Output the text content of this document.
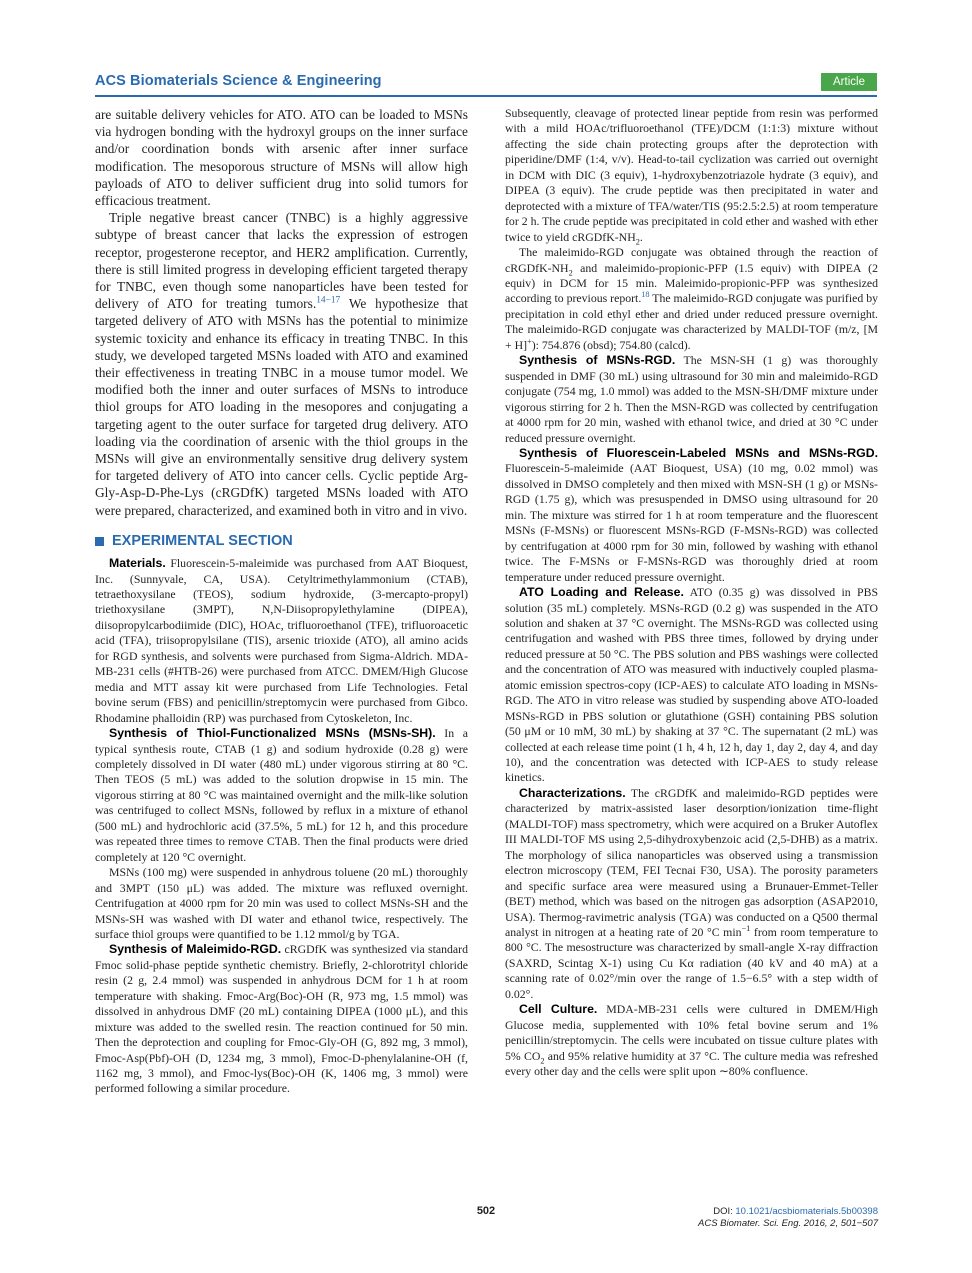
ACS Biomaterials Science & Engineering	Article

are suitable delivery vehicles for ATO. ATO can be loaded to MSNs via hydrogen bonding with the hydroxyl groups on the inner surface and/or coordination bonds with arsenic after inner surface modification. The mesoporous structure of MSNs will allow high payloads of ATO to deliver sufficient drug into solid tumors for efficacious treatment.

Triple negative breast cancer (TNBC) is a highly aggressive subtype of breast cancer that lacks the expression of estrogen receptor, progesterone receptor, and HER2 amplification. Currently, there is still limited progress in developing efficient targeted therapy for TNBC, even though some nanoparticles have been tested for delivery of ATO for treating tumors.$^{14-17}$ We hypothesize that targeted delivery of ATO with MSNs has the potential to minimize systemic toxicity and enhance its efficacy in treating TNBC. In this study, we developed targeted MSNs loaded with ATO and examined their effectiveness in treating TNBC in a mouse tumor model. We modified both the inner and outer surfaces of MSNs to introduce thiol groups for ATO loading in the mesopores and conjugating a targeting agent to the outer surface for targeted drug delivery. ATO loading via the coordination of arsenic with the thiol groups in the MSNs will give an environmentally sensitive drug delivery system for targeted delivery of ATO into cancer cells. Cyclic peptide Arg-Gly-Asp-D-Phe-Lys (cRGDfK) targeted MSNs loaded with ATO were prepared, characterized, and examined both in vitro and in vivo.

EXPERIMENTAL SECTION

Materials. Fluorescein-5-maleimide was purchased from AAT Bioquest, Inc. (Sunnyvale, CA, USA). Cetyltrimethylammonium (CTAB), tetraethoxysilane (TEOS), sodium hydroxide, (3-mercapto-propyl) triethoxysilane (3MPT), N,N-Diisopropylethylamine (DIPEA), diisopropylcarbodiimide (DIC), HOAc, trifluoroethanol (TFE), trifluoroacetic acid (TFA), triisopropylsilane (TIS), arsenic trioxide (ATO), all amino acids for RGD synthesis, and solvents were purchased from Sigma-Aldrich. MDA-MB-231 cells (#HTB-26) were purchased from ATCC. DMEM/High Glucose media and MTT assay kit were purchased from Life Technologies. Fetal bovine serum (FBS) and penicillin/streptomycin were purchased from Gibco. Rhodamine phalloidin (RP) was purchased from Cytoskeleton, Inc.

Synthesis of Thiol-Functionalized MSNs (MSNs-SH). In a typical synthesis route, CTAB (1 g) and sodium hydroxide (0.28 g) were completely dissolved in DI water (480 mL) under vigorous stirring at 80 °C. Then TEOS (5 mL) was added to the solution dropwise in 15 min. The vigorous stirring at 80 °C was maintained overnight and the milk-like solution was centrifuged to collect MSNs, followed by reflux in a mixture of ethanol (500 mL) and hydrochloric acid (37.5%, 5 mL) for 12 h, and this procedure was repeated three times to remove CTAB. Then the final products were dried completely at 120 °C overnight.

MSNs (100 mg) were suspended in anhydrous toluene (20 mL) thoroughly and 3MPT (150 μL) was added. The mixture was refluxed overnight. Centrifugation at 4000 rpm for 20 min was used to collect MSNs-SH and the MSNs-SH was washed with DI water and ethanol twice, respectively. The surface thiol groups were quantified to be 1.12 mmol/g by TGA.

Synthesis of Maleimido-RGD. cRGDfK was synthesized via standard Fmoc solid-phase peptide synthetic chemistry. Briefly, 2-chlorotrityl chloride resin (2 g, 2.4 mmol) was suspended in anhydrous DCM for 1 h at room temperature with shaking. Fmoc-Arg(Boc)-OH (R, 973 mg, 1.5 mmol) was dissolved in anhydrous DMF (20 mL) containing DIPEA (1000 μL), and this mixture was added to the swelled resin. The reaction continued for 50 min. Then the deprotection and coupling for Fmoc-Gly-OH (G, 892 mg, 3 mmol), Fmoc-Asp(Pbf)-OH (D, 1234 mg, 3 mmol), Fmoc-D-phenylalanine-OH (f, 1162 mg, 3 mmol), and Fmoc-lys(Boc)-OH (K, 1406 mg, 3 mmol) were performed following a similar procedure.

Subsequently, cleavage of protected linear peptide from resin was performed with a mild HOAc/trifluoroethanol (TFE)/DCM (1:1:3) mixture without affecting the side chain protecting groups after the deprotection with piperidine/DMF (1:4, v/v). Head-to-tail cyclization was carried out overnight in DCM with DIC (3 equiv), 1-hydroxybenzotriazole hydrate (3 equiv), and DIPEA (3 equiv). The crude peptide was then precipitated in water and deprotected with a mixture of TFA/water/TIS (95:2.5:2.5) at room temperature for 2 h. The crude peptide was precipitated in cold ether and washed with ether twice to yield cRGDfK-$NH_2$.

The maleimido-RGD conjugate was obtained through the reaction of cRGDfK-$NH_2$ and maleimido-propionic-PFP (1.5 equiv) with DIPEA (2 equiv) in DCM for 15 min. Maleimido-propionic-PFP was synthesized according to previous report.$^{18}$ The maleimido-RGD conjugate was purified by precipitation in cold ethyl ether and dried under reduced pressure overnight. The maleimido-RGD conjugate was characterized by MALDI-TOF (m/z, [M + H]+): 754.876 (obsd); 754.80 (calcd).

Synthesis of MSNs-RGD. The MSN-SH (1 g) was thoroughly suspended in DMF (30 mL) using ultrasound for 30 min and maleimido-RGD conjugate (754 mg, 1.0 mmol) was added to the MSN-SH/DMF mixture under vigorous stirring for 2 h. Then the MSN-RGD was collected by centrifugation at 4000 rpm for 20 min, washed with ethanol twice, and dried at 30 °C under reduced pressure overnight.

Synthesis of Fluorescein-Labeled MSNs and MSNs-RGD. Fluorescein-5-maleimide (AAT Bioquest, USA) (10 mg, 0.02 mmol) was dissolved in DMSO completely and then mixed with MSN-SH (1 g) or MSNs-RGD (1.75 g), which was presuspended in DMSO using ultrasound for 20 min. The mixture was stirred for 1 h at room temperature and the fluorescent MSNs (F-MSNs) or fluorescent MSNs-RGD (F-MSNs-RGD) was collected by centrifugation at 4000 rpm for 30 min, followed by washing with ethanol twice. The F-MSNs or F-MSNs-RGD was thoroughly dried at room temperature under reduced pressure overnight.

ATO Loading and Release. ATO (0.35 g) was dissolved in PBS solution (35 mL) completely. MSNs-RGD (0.2 g) was suspended in the ATO solution and shaken at 37 °C overnight. The MSNs-RGD was collected using centrifugation and washed with PBS three times, followed by drying under reduced pressure at 50 °C. The PBS solution and PBS washings were collected and the concentration of ATO was measured with inductively coupled plasma- atomic emission spectros-copy (ICP-AES) to calculate ATO loading in MSNs-RGD. The ATO in vitro release was studied by suspending above ATO-loaded MSNs-RGD in PBS solution or glutathione (GSH) containing PBS solution (50 μM or 10 mM, 30 mL) by shaking at 37 °C. The supernatant (2 mL) was collected at each release time point (1 h, 4 h, 12 h, day 1, day 2, day 4, and day 10), and the concentration was detected with ICP-AES to study release kinetics.

Characterizations. The cRGDfK and maleimido-RGD peptides were characterized by matrix-assisted laser desorption/ionization time-flight (MALDI-TOF) mass spectrometry, which were acquired on a Bruker Autoflex III MALDI-TOF MS using 2,5-dihydroxybenzoic acid (2,5-DHB) as a matrix. The morphology of silica nanoparticles was observed using a transmission electron microscopy (TEM, FEI Tecnai F30, USA). The porosity parameters and specific surface area were measured using a Brunauer-Emmet-Teller (BET) method, which was based on the nitrogen gas adsorption (ASAP2010, USA). Thermog-ravimetric analysis (TGA) was conducted on a Q500 thermal analyst in nitrogen at a heating rate of 20 °C $\min^{-1}$ from room temperature to 800 °C. The mesostructure was characterized by small-angle X-ray diffraction (SAXRD, Scintag X-1) using Cu Kα radiation (40 kV and 40 mA) at a scanning rate of 0.02°/min over the range of 1.5−6.5° with a step width of 0.02°.

Cell Culture. MDA-MB-231 cells were cultured in DMEM/High Glucose media, supplemented with 10% fetal bovine serum and 1% penicillin/streptomycin. The cells were incubated on tissue culture plates with 5% $CO_2$ and 95% relative humidity at 37 °C. The culture media was refreshed every other day and the cells were split upon ∼80% confluence.

502	DOI: 10.1021/acsbiomaterials.5b00398
ACS Biomater. Sci. Eng. 2016, 2, 501−507
